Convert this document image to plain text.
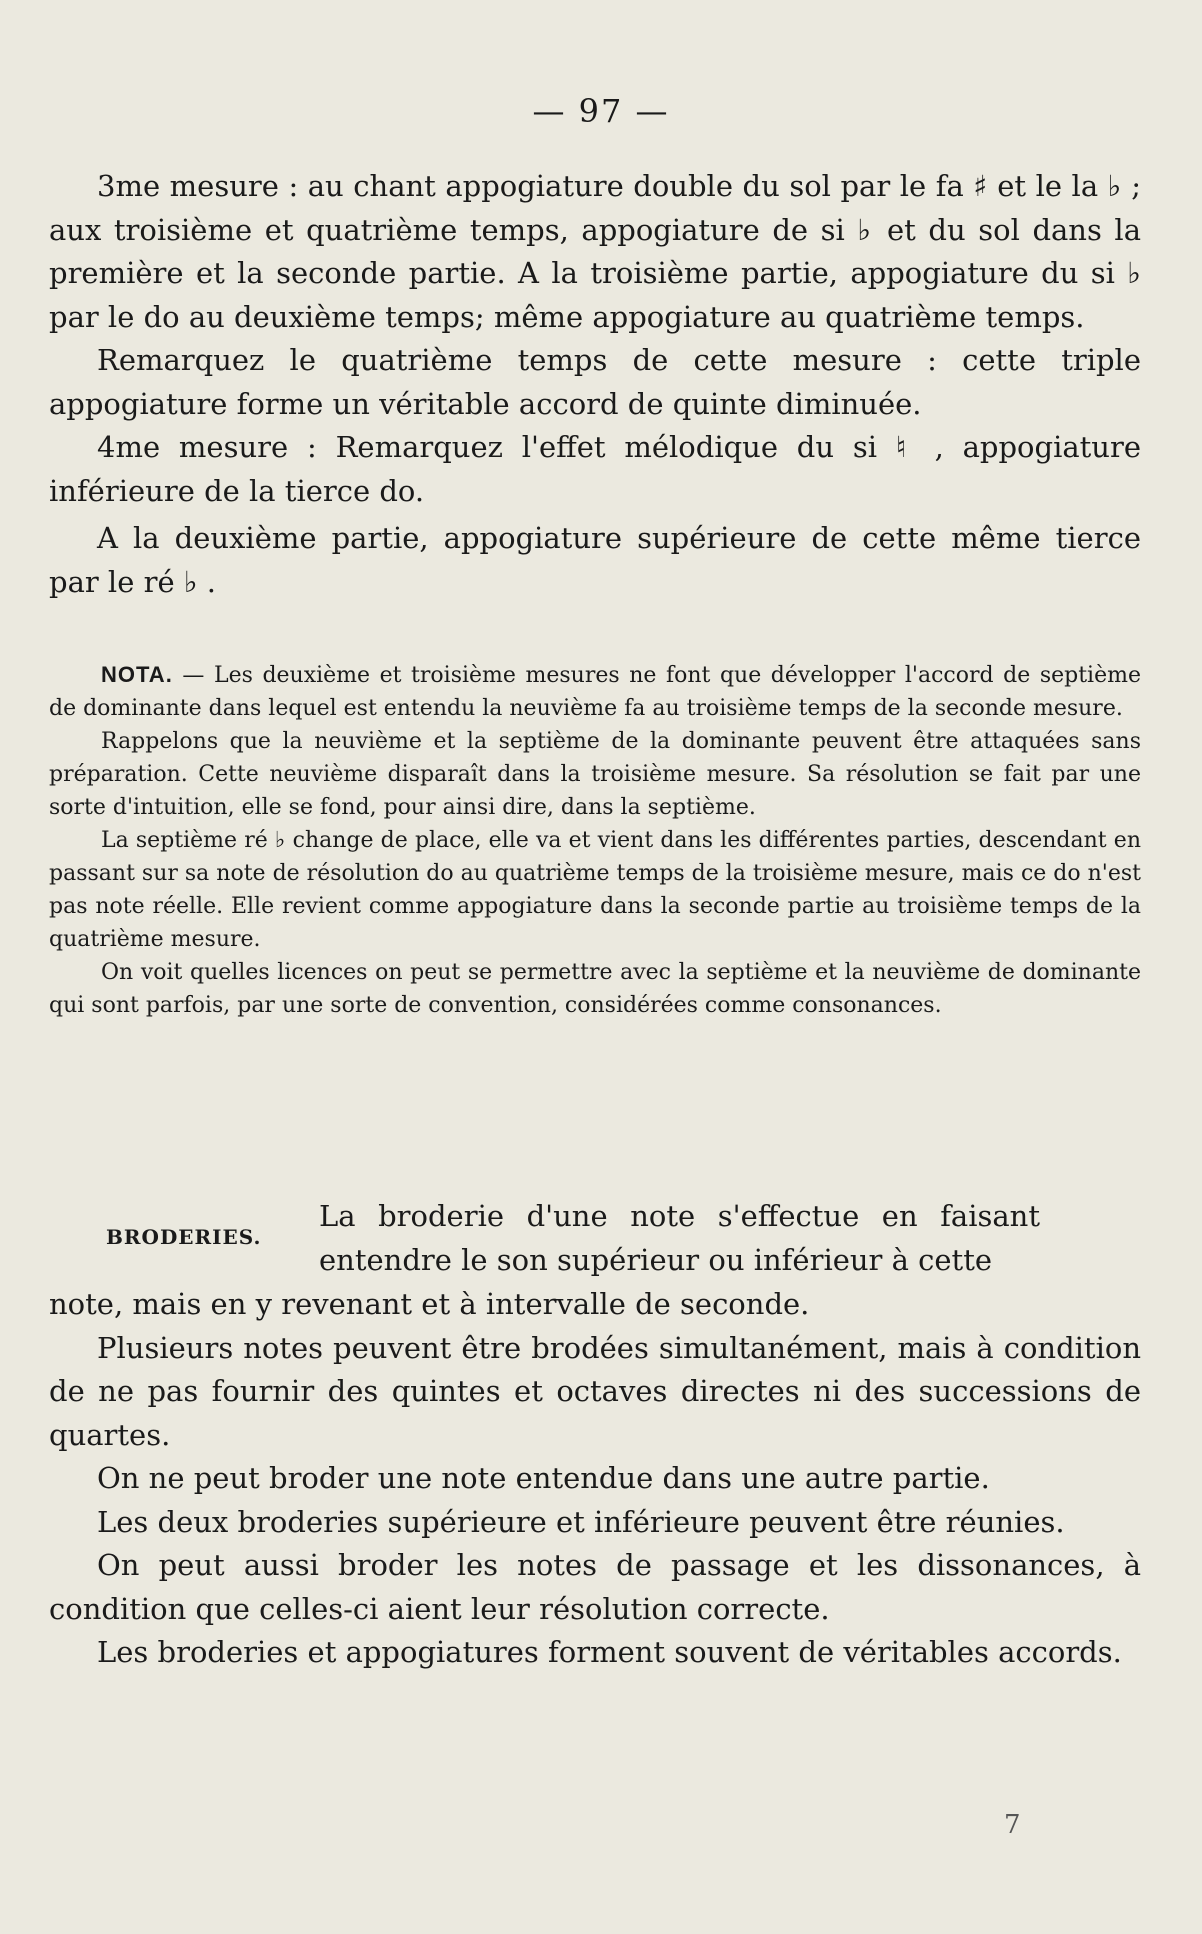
— 97 —

3me mesure : au chant appogiature double du sol par le fa ♯ et le la ♭ ; aux troisième et quatrième temps, appogiature de si ♭ et du sol dans la première et la seconde partie. A la troisième partie, appogiature du si ♭ par le do au deuxième temps; même appogiature au quatrième temps.

Remarquez le quatrième temps de cette mesure : cette triple appogiature forme un véritable accord de quinte diminuée.

4me mesure : Remarquez l'effet mélodique du si ♮ , appogiature inférieure de la tierce do.

A la deuxième partie, appogiature supérieure de cette même tierce par le ré ♭ .

NOTA. — Les deuxième et troisième mesures ne font que développer l'accord de septième de dominante dans lequel est entendu la neuvième fa au troisième temps de la seconde mesure.

Rappelons que la neuvième et la septième de la dominante peuvent être attaquées sans préparation. Cette neuvième disparaît dans la troisième mesure. Sa résolution se fait par une sorte d'intuition, elle se fond, pour ainsi dire, dans la septième.

La septième ré ♭ change de place, elle va et vient dans les différentes parties, descendant en passant sur sa note de résolution do au quatrième temps de la troisième mesure, mais ce do n'est pas note réelle. Elle revient comme appogiature dans la seconde partie au troisième temps de la quatrième mesure.

On voit quelles licences on peut se permettre avec la septième et la neuvième de dominante qui sont parfois, par une sorte de convention, considérées comme consonances.

BRODERIES.

La broderie d'une note s'effectue en faisant entendre le son supérieur ou inférieur à cette

note, mais en y revenant et à intervalle de seconde.

Plusieurs notes peuvent être brodées simultanément, mais à condition de ne pas fournir des quintes et octaves directes ni des successions de quartes.

On ne peut broder une note entendue dans une autre partie.

Les deux broderies supérieure et inférieure peuvent être réunies.

On peut aussi broder les notes de passage et les dissonances, à condition que celles-ci aient leur résolution correcte.

Les broderies et appogiatures forment souvent de véritables accords.

7
